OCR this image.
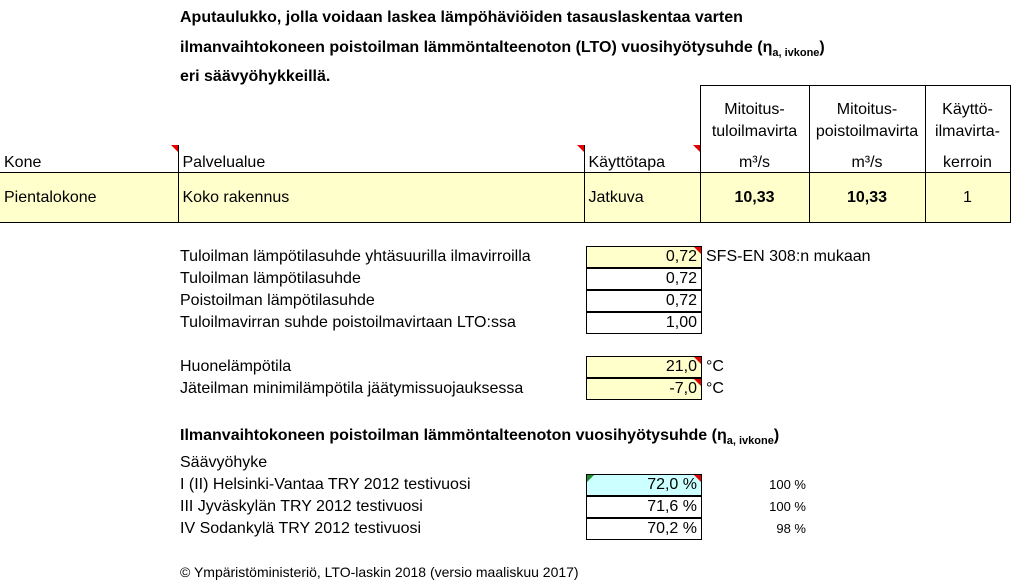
Aputaulukko, jolla voidaan laskea lämpöhäviöiden tasauslaskentaa varten
ilmanvaihtokoneen poistoilman lämmöntalteenoton (LTO) vuosihyötysuhde $(\eta_{a, ivkone})$
eri säävyöhykkeillä.
			Mitoitus-	Mitoitus-	Käyttö-
			tuloilmavirta	poistoilmavirta	ilmavirta-
Kone	Palvelualue	Käyttötapa	m³/s	m³/s	kerroin
Pientalokone	Koko rakennus	Jatkuva	10,33	10,33	1
Tuloilman lämpötilasuhde yhtäsuurilla ilmavirroilla	0,72 SFS-EN 308:n mukaan
Tuloilman lämpötilasuhde	0,72
Poistoilman lämpötilasuhde	0,72
Tuloilmavirran suhde poistoilmavirtaan LTO:ssa	1,00
Huonelämpötila	21,0 °C
Jäteilman minimilämpötila jäätymissuojauksessa	-7,0 °C
Ilmanvaihtokoneen poistoilman lämmöntalteenoton vuosihyötysuhde $(\eta_{a, ivkone})$
Säävyöhyke
I (II) Helsinki-Vantaa TRY 2012 testivuosi	72,0 %	100 %
III Jyväskylän TRY 2012 testivuosi	71,6 %	100 %
IV Sodankylä TRY 2012 testivuosi	70,2 %	98 %
© Ympäristöministeriö, LTO-laskin 2018 (versio maaliskuu 2017)
